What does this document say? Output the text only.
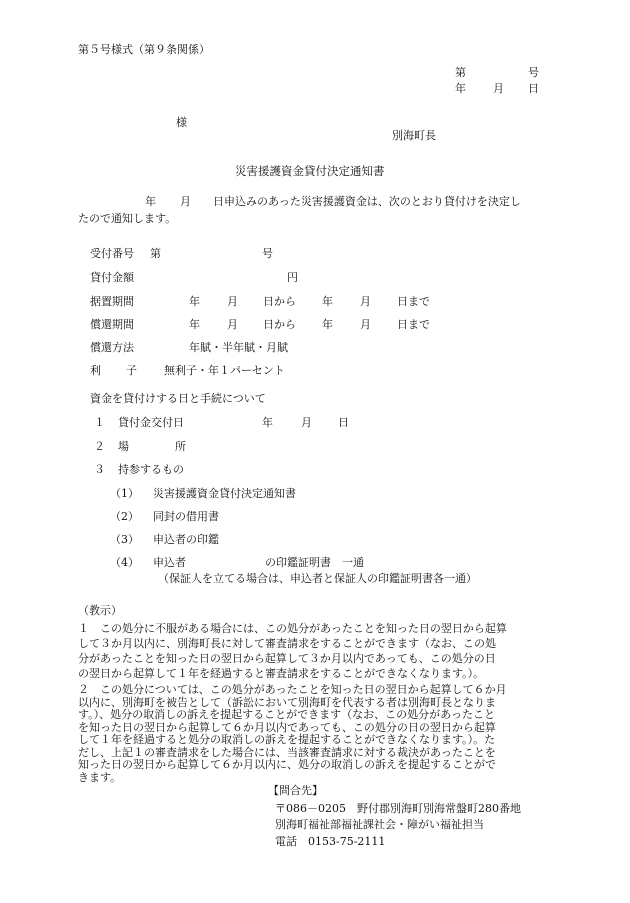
第５号様式（第９条関係）
第	号
年 月 日
様
別海町長
災害援護資金貸付決定通知書
年 月 日申込みのあった災害援護資金は、次のとおり貸付けを決定し
たので通知します。
受付番号 第	号
貸付金額	円
据置期間	年 月 日から 年 月 日まで
償還期間	年 月 日から 年 月 日まで
償還方法	年賦・半年賦・月賦
利 子 無利子・年１パーセント
資金を貸付けする日と手続について
１ 貸付金交付日	年	月 日
２ 場	所
３ 持参するもの
（1） 災害援護資金貸付決定通知書
（2） 同封の借用書
（3） 申込者の印鑑
（4） 申込者	の印鑑証明書　一通
（保証人を立てる場合は、申込者と保証人の印鑑証明書各一通）
（教示）

１　この処分に不服がある場合には、この処分があったことを知った日の翌日から起算

して３か月以内に、別海町長に対して審査請求をすることができます（なお、この処

分があったことを知った日の翌日から起算して３か月以内であっても、この処分の日

の翌日から起算して１年を経過すると審査請求をすることができなくなります。）。

２　この処分については、この処分があったことを知った日の翌日から起算して６か月

以内に、別海町を被告として（訴訟において別海町を代表する者は別海町長となりま

す。）、処分の取消しの訴えを提起することができます（なお、この処分があったこと

を知った日の翌日から起算して６か月以内であっても、この処分の日の翌日から起算

して１年を経過すると処分の取消しの訴えを提起することができなくなります。）。た

だし、上記１の審査請求をした場合には、当該審査請求に対する裁決があったことを

知った日の翌日から起算して６か月以内に、処分の取消しの訴えを提起することがで

きます。

【問合先】
〒086－0205　野付郡別海町別海常盤町280番地
別海町福祉部福祉課社会・障がい福祉担当
電話　0153-75-2111
